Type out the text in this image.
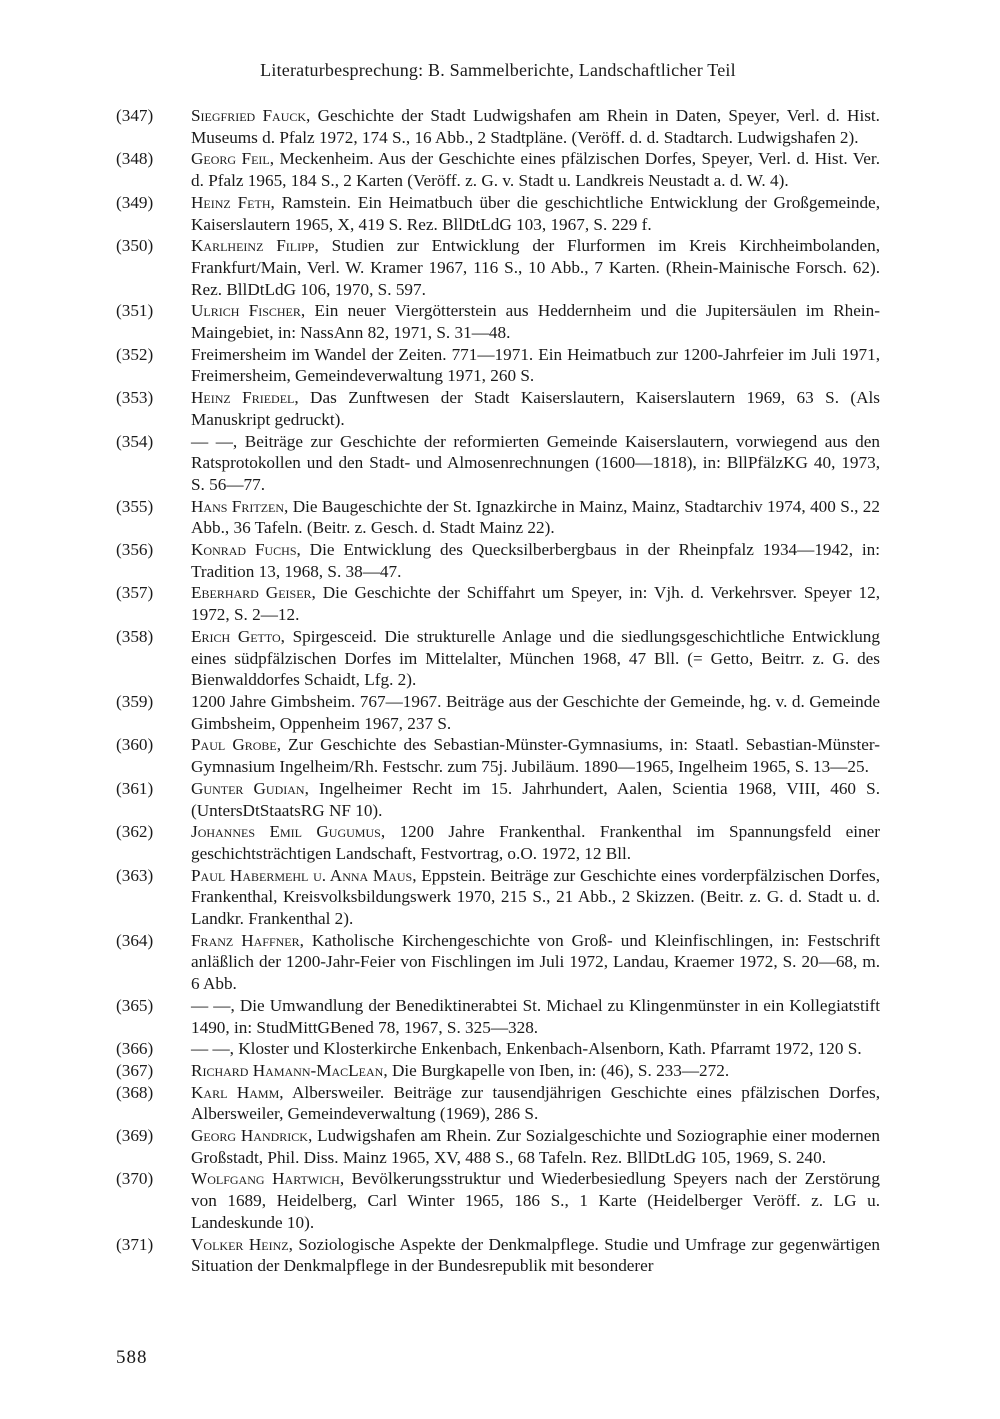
Literaturbesprechung: B. Sammelberichte, Landschaftlicher Teil
(347) Siegfried Fauck, Geschichte der Stadt Ludwigshafen am Rhein in Daten, Speyer, Verl. d. Hist. Museums d. Pfalz 1972, 174 S., 16 Abb., 2 Stadtpläne. (Veröff. d. d. Stadtarch. Ludwigshafen 2).
(348) Georg Feil, Meckenheim. Aus der Geschichte eines pfälzischen Dorfes, Speyer, Verl. d. Hist. Ver. d. Pfalz 1965, 184 S., 2 Karten (Veröff. z. G. v. Stadt u. Landkreis Neustadt a. d. W. 4).
(349) Heinz Feth, Ramstein. Ein Heimatbuch über die geschichtliche Entwicklung der Großgemeinde, Kaiserslautern 1965, X, 419 S. Rez. BllDtLdG 103, 1967, S. 229 f.
(350) Karlheinz Filipp, Studien zur Entwicklung der Flurformen im Kreis Kirchheimbolanden, Frankfurt/Main, Verl. W. Kramer 1967, 116 S., 10 Abb., 7 Karten. (Rhein-Mainische Forsch. 62). Rez. BllDtLdG 106, 1970, S. 597.
(351) Ulrich Fischer, Ein neuer Viergötterstein aus Heddernheim und die Jupitersäulen im Rhein-Maingebiet, in: NassAnn 82, 1971, S. 31—48.
(352) Freimersheim im Wandel der Zeiten. 771—1971. Ein Heimatbuch zur 1200-Jahrfeier im Juli 1971, Freimersheim, Gemeindeverwaltung 1971, 260 S.
(353) Heinz Friedel, Das Zunftwesen der Stadt Kaiserslautern, Kaiserslautern 1969, 63 S. (Als Manuskript gedruckt).
(354) — —, Beiträge zur Geschichte der reformierten Gemeinde Kaiserslautern, vorwiegend aus den Ratsprotokollen und den Stadt- und Almosenrechnungen (1600—1818), in: BllPfälzKG 40, 1973, S. 56—77.
(355) Hans Fritzen, Die Baugeschichte der St. Ignazkirche in Mainz, Mainz, Stadtarchiv 1974, 400 S., 22 Abb., 36 Tafeln. (Beitr. z. Gesch. d. Stadt Mainz 22).
(356) Konrad Fuchs, Die Entwicklung des Quecksilberbergbaus in der Rheinpfalz 1934—1942, in: Tradition 13, 1968, S. 38—47.
(357) Eberhard Geiser, Die Geschichte der Schiffahrt um Speyer, in: Vjh. d. Verkehrsver. Speyer 12, 1972, S. 2—12.
(358) Erich Getto, Spirgesceid. Die strukturelle Anlage und die siedlungsgeschichtliche Entwicklung eines südpfälzischen Dorfes im Mittelalter, München 1968, 47 Bll. (= Getto, Beitrr. z. G. des Bienwalddorfes Schaidt, Lfg. 2).
(359) 1200 Jahre Gimbsheim. 767—1967. Beiträge aus der Geschichte der Gemeinde, hg. v. d. Gemeinde Gimbsheim, Oppenheim 1967, 237 S.
(360) Paul Grobe, Zur Geschichte des Sebastian-Münster-Gymnasiums, in: Staatl. Sebastian-Münster-Gymnasium Ingelheim/Rh. Festschr. zum 75j. Jubiläum. 1890—1965, Ingelheim 1965, S. 13—25.
(361) Gunter Gudian, Ingelheimer Recht im 15. Jahrhundert, Aalen, Scientia 1968, VIII, 460 S. (UntersDtStaatsRG NF 10).
(362) Johannes Emil Gugumus, 1200 Jahre Frankenthal. Frankenthal im Spannungsfeld einer geschichtsträchtigen Landschaft, Festvortrag, o.O. 1972, 12 Bll.
(363) Paul Habermehl u. Anna Maus, Eppstein. Beiträge zur Geschichte eines vorderpfälzischen Dorfes, Frankenthal, Kreisvolksbildungswerk 1970, 215 S., 21 Abb., 2 Skizzen. (Beitr. z. G. d. Stadt u. d. Landkr. Frankenthal 2).
(364) Franz Haffner, Katholische Kirchengeschichte von Groß- und Kleinfischlingen, in: Festschrift anläßlich der 1200-Jahr-Feier von Fischlingen im Juli 1972, Landau, Kraemer 1972, S. 20—68, m. 6 Abb.
(365) — —, Die Umwandlung der Benediktinerabtei St. Michael zu Klingenmünster in ein Kollegiatstift 1490, in: StudMittGBened 78, 1967, S. 325—328.
(366) — —, Kloster und Klosterkirche Enkenbach, Enkenbach-Alsenborn, Kath. Pfarramt 1972, 120 S.
(367) Richard Hamann-MacLean, Die Burgkapelle von Iben, in: (46), S. 233—272.
(368) Karl Hamm, Albersweiler. Beiträge zur tausendjährigen Geschichte eines pfälzischen Dorfes, Albersweiler, Gemeindeverwaltung (1969), 286 S.
(369) Georg Handrick, Ludwigshafen am Rhein. Zur Sozialgeschichte und Soziographie einer modernen Großstadt, Phil. Diss. Mainz 1965, XV, 488 S., 68 Tafeln. Rez. BllDtLdG 105, 1969, S. 240.
(370) Wolfgang Hartwich, Bevölkerungsstruktur und Wiederbesiedlung Speyers nach der Zerstörung von 1689, Heidelberg, Carl Winter 1965, 186 S., 1 Karte (Heidelberger Veröff. z. LG u. Landeskunde 10).
(371) Volker Heinz, Soziologische Aspekte der Denkmalpflege. Studie und Umfrage zur gegenwärtigen Situation der Denkmalpflege in der Bundesrepublik mit besonderer
588
